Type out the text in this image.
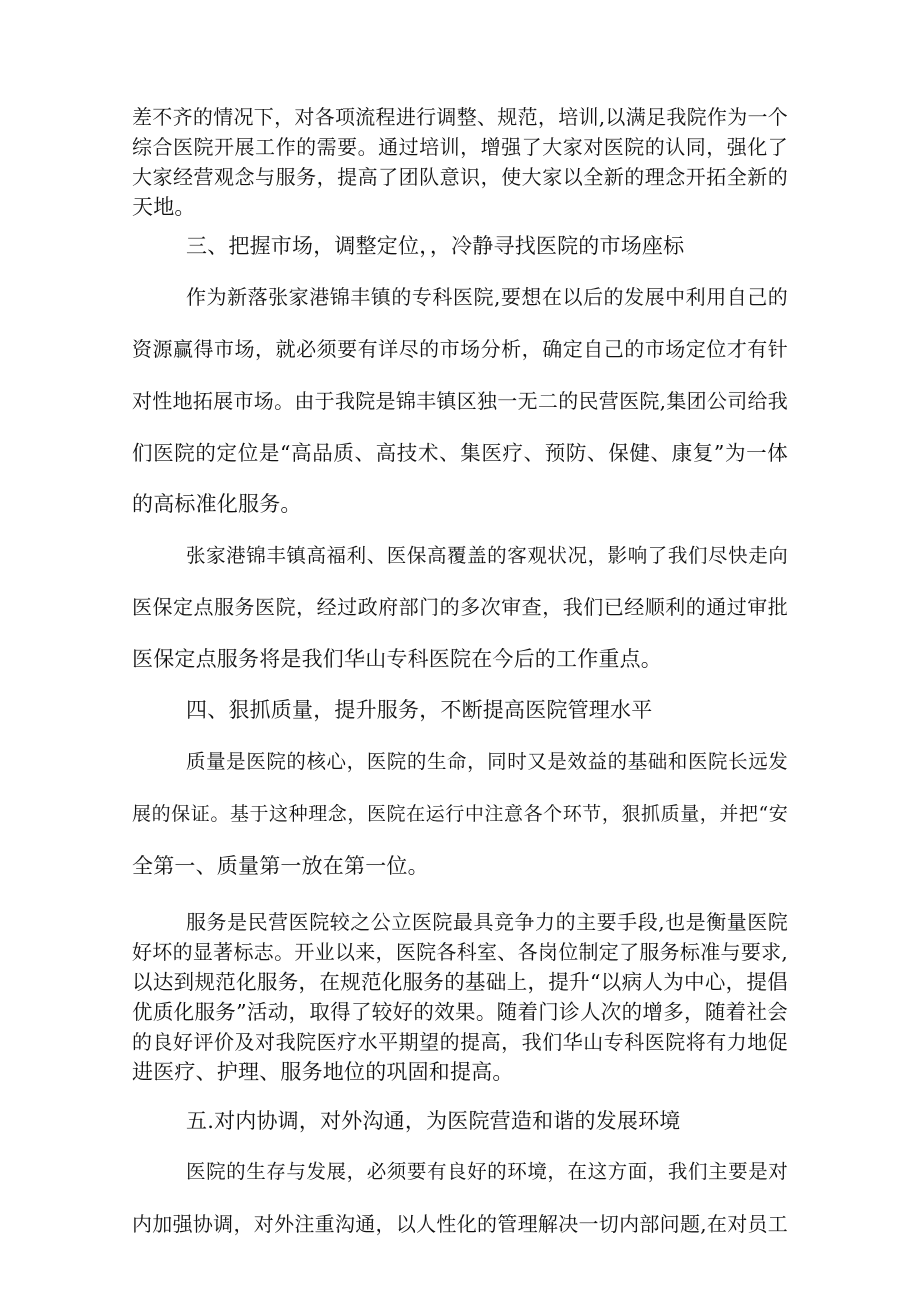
差不齐的情况下，对各项流程进行调整、规范，培训,以满足我院作为一个
综合医院开展工作的需要。通过培训，增强了大家对医院的认同，强化了
大家经营观念与服务，提高了团队意识，使大家以全新的理念开拓全新的
天地。
三、把握市场，调整定位，，冷静寻找医院的市场座标
作为新落张家港锦丰镇的专科医院,要想在以后的发展中利用自己的
资源赢得市场，就必须要有详尽的市场分析，确定自己的市场定位才有针
对性地拓展市场。由于我院是锦丰镇区独一无二的民营医院,集团公司给我
们医院的定位是“高品质、高技术、集医疗、预防、保健、康复”为一体
的高标准化服务。
张家港锦丰镇高福利、医保高覆盖的客观状况，影响了我们尽快走向
医保定点服务医院，经过政府部门的多次审查，我们已经顺利的通过审批
医保定点服务将是我们华山专科医院在今后的工作重点。
四、狠抓质量，提升服务，不断提高医院管理水平
质量是医院的核心，医院的生命，同时又是效益的基础和医院长远发
展的保证。基于这种理念，医院在运行中注意各个环节，狠抓质量，并把“安
全第一、质量第一放在第一位。
服务是民营医院较之公立医院最具竞争力的主要手段,也是衡量医院
好坏的显著标志。开业以来，医院各科室、各岗位制定了服务标准与要求,
以达到规范化服务，在规范化服务的基础上，提升“以病人为中心，提倡
优质化服务”活动，取得了较好的效果。随着门诊人次的增多，随着社会
的良好评价及对我院医疗水平期望的提高，我们华山专科医院将有力地促
进医疗、护理、服务地位的巩固和提高。
五.对内协调，对外沟通，为医院营造和谐的发展环境
医院的生存与发展，必须要有良好的环境，在这方面，我们主要是对
内加强协调，对外注重沟通，以人性化的管理解决一切内部问题,在对员工
